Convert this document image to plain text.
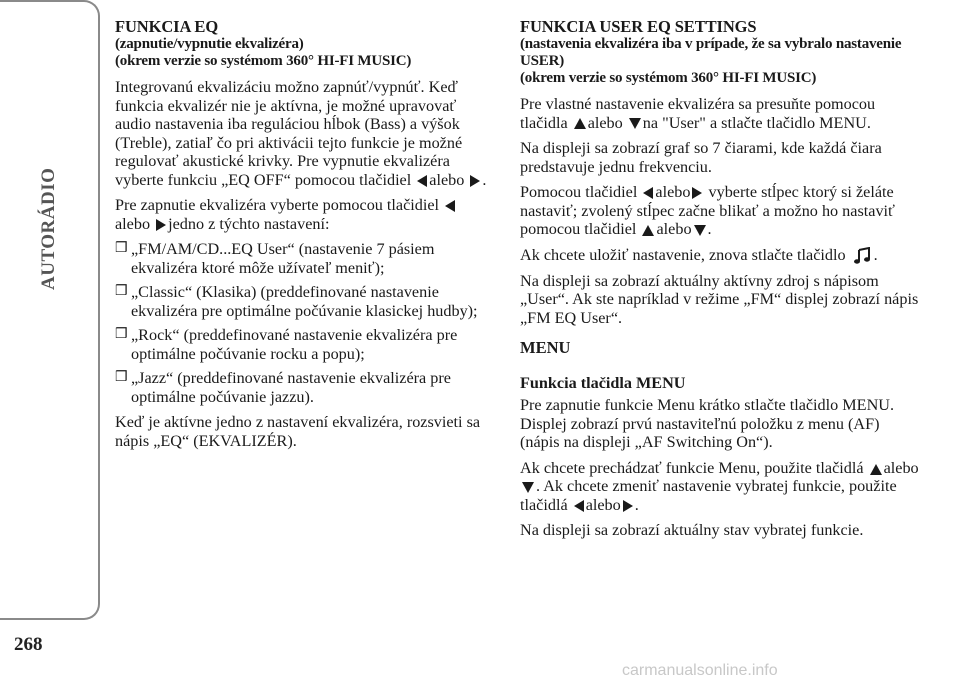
AUTORÁDIO
268
FUNKCIA EQ
(zapnutie/vypnutie ekvalizéra)
(okrem verzie so systémom 360° HI-FI MUSIC)

Integrovanú ekvalizáciu možno zapnúť/vypnúť. Keď funkcia ekvalizér nie je aktívna, je možné upravovať audio nastavenia iba reguláciou hĺbok (Bass) a výšok (Treble), zatiaľ čo pri aktivácii tejto funkcie je možné regulovať akustické krivky. Pre vypnutie ekvalizéra vyberte funkciu „EQ OFF“ pomocou tlačidiel alebo .

Pre zapnutie ekvalizéra vyberte pomocou tlačidiel alebo jedno z týchto nastavení:

❒ „FM/AM/CD...EQ User“ (nastavenie 7 pásiem ekvalizéra ktoré môže užívateľ meniť);
❒ „Classic“ (Klasika) (preddefinované nastavenie ekvalizéra pre optimálne počúvanie klasickej hudby);
❒ „Rock“ (preddefinované nastavenie ekvalizéra pre optimálne počúvanie rocku a popu);
❒ „Jazz“ (preddefinované nastavenie ekvalizéra pre optimálne počúvanie jazzu).

Keď je aktívne jedno z nastavení ekvalizéra, rozsvieti sa nápis „EQ“ (EKVALIZÉR).

FUNKCIA USER EQ SETTINGS
(nastavenia ekvalizéra iba v prípade, že sa vybralo nastavenie USER)
(okrem verzie so systémom 360° HI-FI MUSIC)

Pre vlastné nastavenie ekvalizéra sa presuňte pomocou tlačidla alebo na "User" a stlačte tlačidlo MENU.

Na displeji sa zobrazí graf so 7 čiarami, kde každá čiara predstavuje jednu frekvenciu.

Pomocou tlačidiel alebo vyberte stĺpec ktorý si želáte nastaviť; zvolený stĺpec začne blikať a možno ho nastaviť pomocou tlačidiel alebo .

Ak chcete uložiť nastavenie, znova stlačte tlačidlo .

Na displeji sa zobrazí aktuálny aktívny zdroj s nápisom „User“. Ak ste napríklad v režime „FM“ displej zobrazí nápis „FM EQ User“.

MENU
Funkcia tlačidla MENU

Pre zapnutie funkcie Menu krátko stlačte tlačidlo MENU. Displej zobrazí prvú nastaviteľnú položku z menu (AF) (nápis na displeji „AF Switching On“).

Ak chcete prechádzať funkcie Menu, použite tlačidlá alebo . Ak chcete zmeniť nastavenie vybratej funkcie, použite tlačidlá alebo .

Na displeji sa zobrazí aktuálny stav vybratej funkcie.

carmanualsonline.info
